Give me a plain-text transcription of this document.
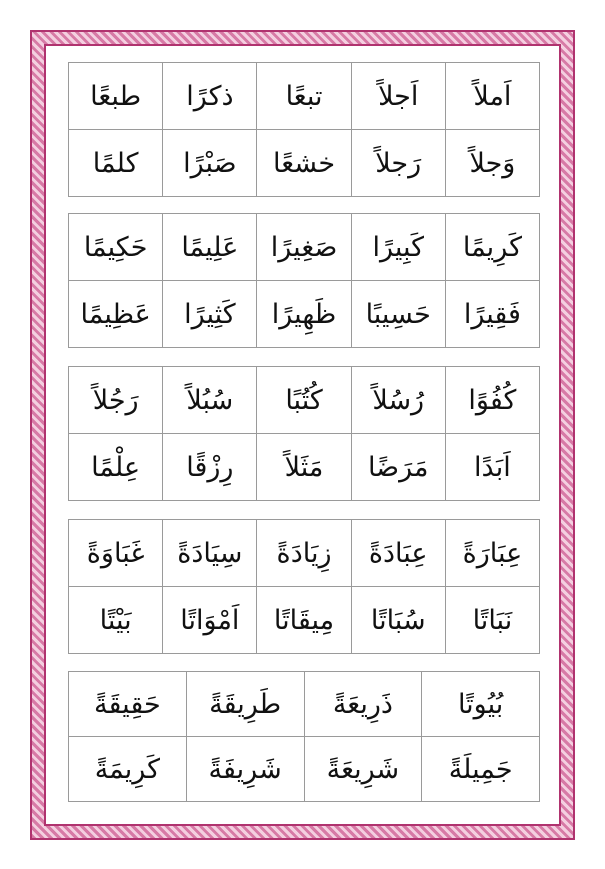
اَملاً	اَجلاً	تبعًا	ذكرًا	طبعًا
وَجلاً	رَجلاً	خشعًا	صَبْرًا	كلمًا
كَرِيمًا	كَبِيرًا	صَغِيرًا	عَلِيمًا	حَكِيمًا
فَقِيرًا	حَسِيبًا	ظَهِيرًا	كَثِيرًا	عَظِيمًا
كُفُوًا	رُسُلاً	كُتُبًا	سُبُلاً	رَجُلاً
اَبَدًا	مَرَضًا	مَثَلاً	رِزْقًا	عِلْمًا
عِبَارَةً	عِبَادَةً	زِيَادَةً	سِيَادَةً	غَبَاوَةً
نَبَاتًا	سُبَاتًا	مِيقَاتًا	اَمْوَاتًا	بَيْتًا
بُيُوتًا	ذَرِيعَةً	طَرِيقَةً	حَقِيقَةً
جَمِيلَةً	شَرِيعَةً	شَرِيفَةً	كَرِيمَةً
